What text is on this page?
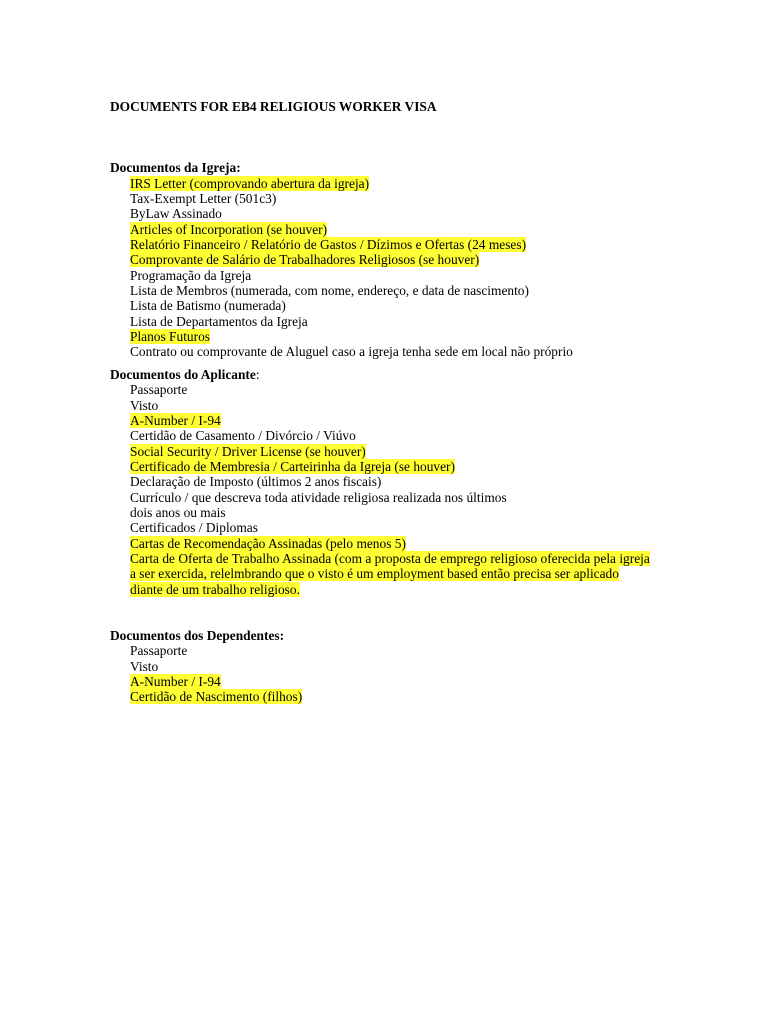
DOCUMENTS FOR EB4 RELIGIOUS WORKER VISA
Documentos da Igreja:
IRS Letter (comprovando abertura da igreja)
Tax-Exempt Letter (501c3)
ByLaw Assinado
Articles of Incorporation (se houver)
Relatório Financeiro / Relatório de Gastos / Dízimos e Ofertas (24 meses)
Comprovante de Salário de Trabalhadores Religiosos (se houver)
Programação da Igreja
Lista de Membros (numerada, com nome, endereço, e data de nascimento)
Lista de Batismo (numerada)
Lista de Departamentos da Igreja
Planos Futuros
Contrato ou comprovante de Aluguel caso a igreja tenha sede em local não próprio
Documentos do Aplicante:
Passaporte
Visto
A-Number / I-94
Certidão de Casamento / Divórcio / Viúvo
Social Security / Driver License (se houver)
Certificado de Membresia / Carteirinha da Igreja (se houver)
Declaração de Imposto (últimos 2 anos fiscais)
Currículo / que descreva toda atividade religiosa realizada nos últimos
dois anos ou mais
Certificados / Diplomas
Cartas de Recomendação Assinadas (pelo menos 5)
Carta de Oferta de Trabalho Assinada (com a proposta de emprego religioso oferecida pela igreja a ser exercida, relelmbrando que o visto é um employment based então precisa ser aplicado diante de um trabalho religioso.
Documentos dos Dependentes:
Passaporte
Visto
A-Number / I-94
Certidão de Nascimento (filhos)
